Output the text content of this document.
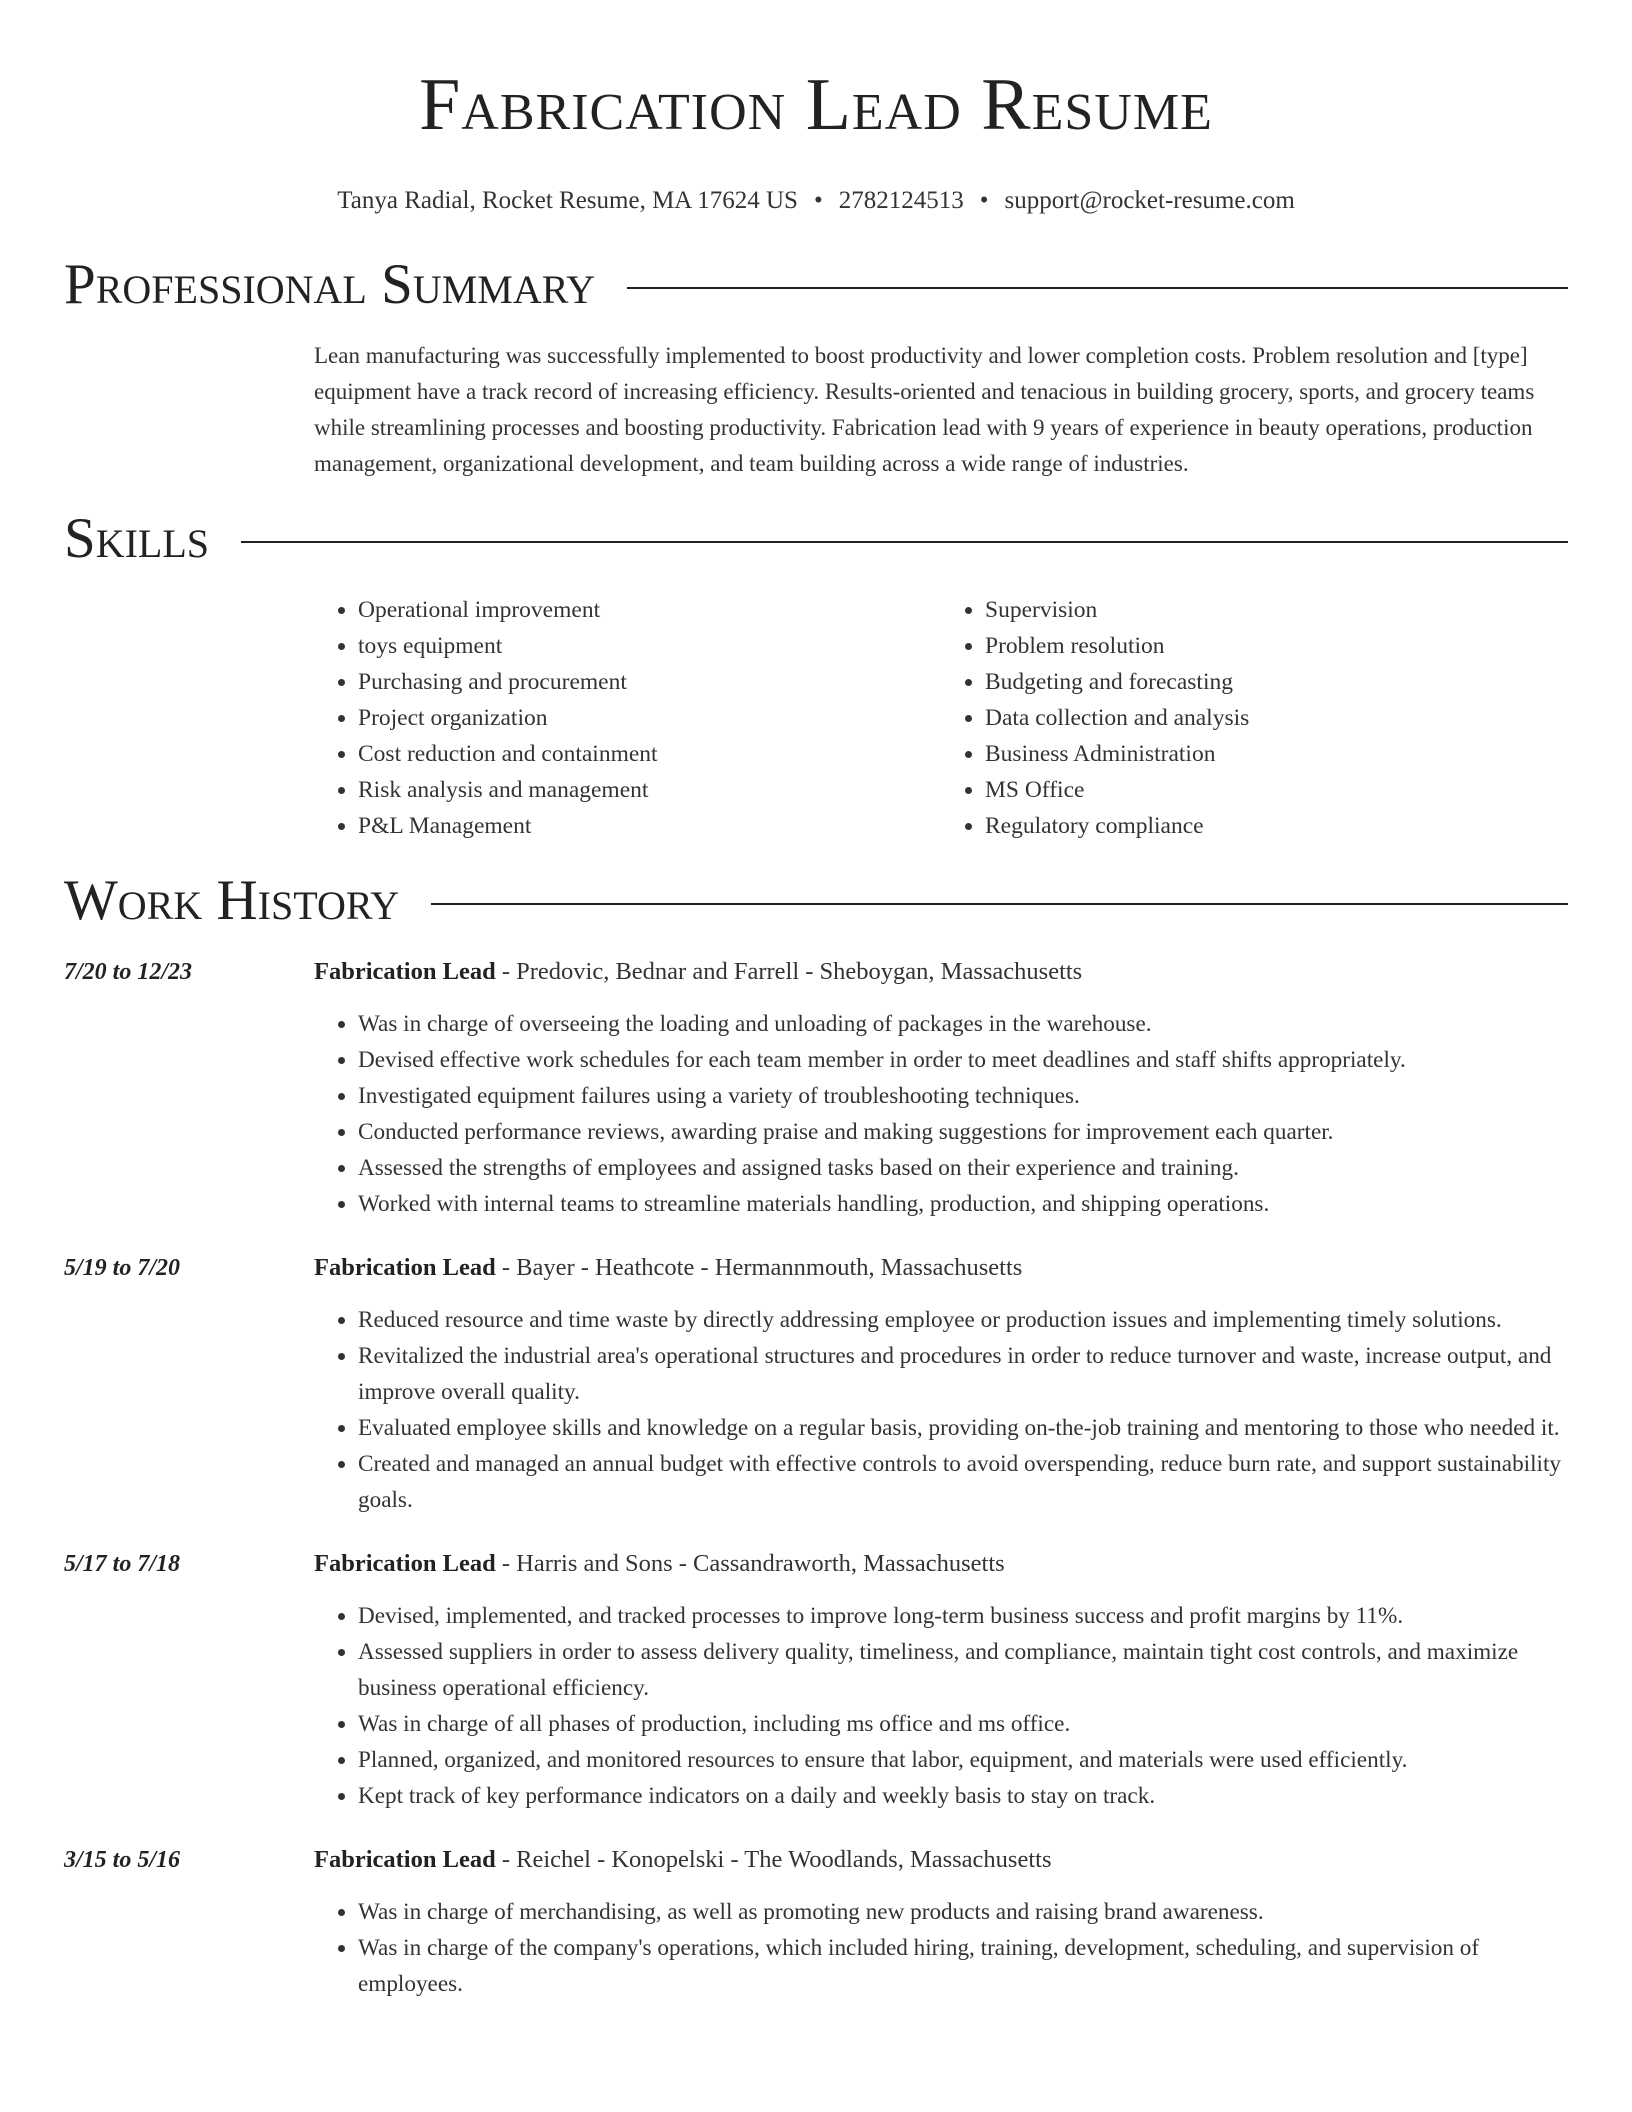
Fabrication Lead Resume
Tanya Radial, Rocket Resume, MA 17624 US • 2782124513 • support@rocket-resume.com
Professional Summary
Lean manufacturing was successfully implemented to boost productivity and lower completion costs. Problem resolution and [type] equipment have a track record of increasing efficiency. Results-oriented and tenacious in building grocery, sports, and grocery teams while streamlining processes and boosting productivity. Fabrication lead with 9 years of experience in beauty operations, production management, organizational development, and team building across a wide range of industries.
Skills
• Operational improvement
• toys equipment
• Purchasing and procurement
• Project organization
• Cost reduction and containment
• Risk analysis and management
• P&L Management
• Supervision
• Problem resolution
• Budgeting and forecasting
• Data collection and analysis
• Business Administration
• MS Office
• Regulatory compliance
Work History
7/20 to 12/23	Fabrication Lead - Predovic, Bednar and Farrell - Sheboygan, Massachusetts
• Was in charge of overseeing the loading and unloading of packages in the warehouse.
• Devised effective work schedules for each team member in order to meet deadlines and staff shifts appropriately.
• Investigated equipment failures using a variety of troubleshooting techniques.
• Conducted performance reviews, awarding praise and making suggestions for improvement each quarter.
• Assessed the strengths of employees and assigned tasks based on their experience and training.
• Worked with internal teams to streamline materials handling, production, and shipping operations.
5/19 to 7/20	Fabrication Lead - Bayer - Heathcote - Hermannmouth, Massachusetts
• Reduced resource and time waste by directly addressing employee or production issues and implementing timely solutions.
• Revitalized the industrial area's operational structures and procedures in order to reduce turnover and waste, increase output, and improve overall quality.
• Evaluated employee skills and knowledge on a regular basis, providing on-the-job training and mentoring to those who needed it.
• Created and managed an annual budget with effective controls to avoid overspending, reduce burn rate, and support sustainability goals.
5/17 to 7/18	Fabrication Lead - Harris and Sons - Cassandraworth, Massachusetts
• Devised, implemented, and tracked processes to improve long-term business success and profit margins by 11%.
• Assessed suppliers in order to assess delivery quality, timeliness, and compliance, maintain tight cost controls, and maximize business operational efficiency.
• Was in charge of all phases of production, including ms office and ms office.
• Planned, organized, and monitored resources to ensure that labor, equipment, and materials were used efficiently.
• Kept track of key performance indicators on a daily and weekly basis to stay on track.
3/15 to 5/16	Fabrication Lead - Reichel - Konopelski - The Woodlands, Massachusetts
• Was in charge of merchandising, as well as promoting new products and raising brand awareness.
• Was in charge of the company's operations, which included hiring, training, development, scheduling, and supervision of employees.
